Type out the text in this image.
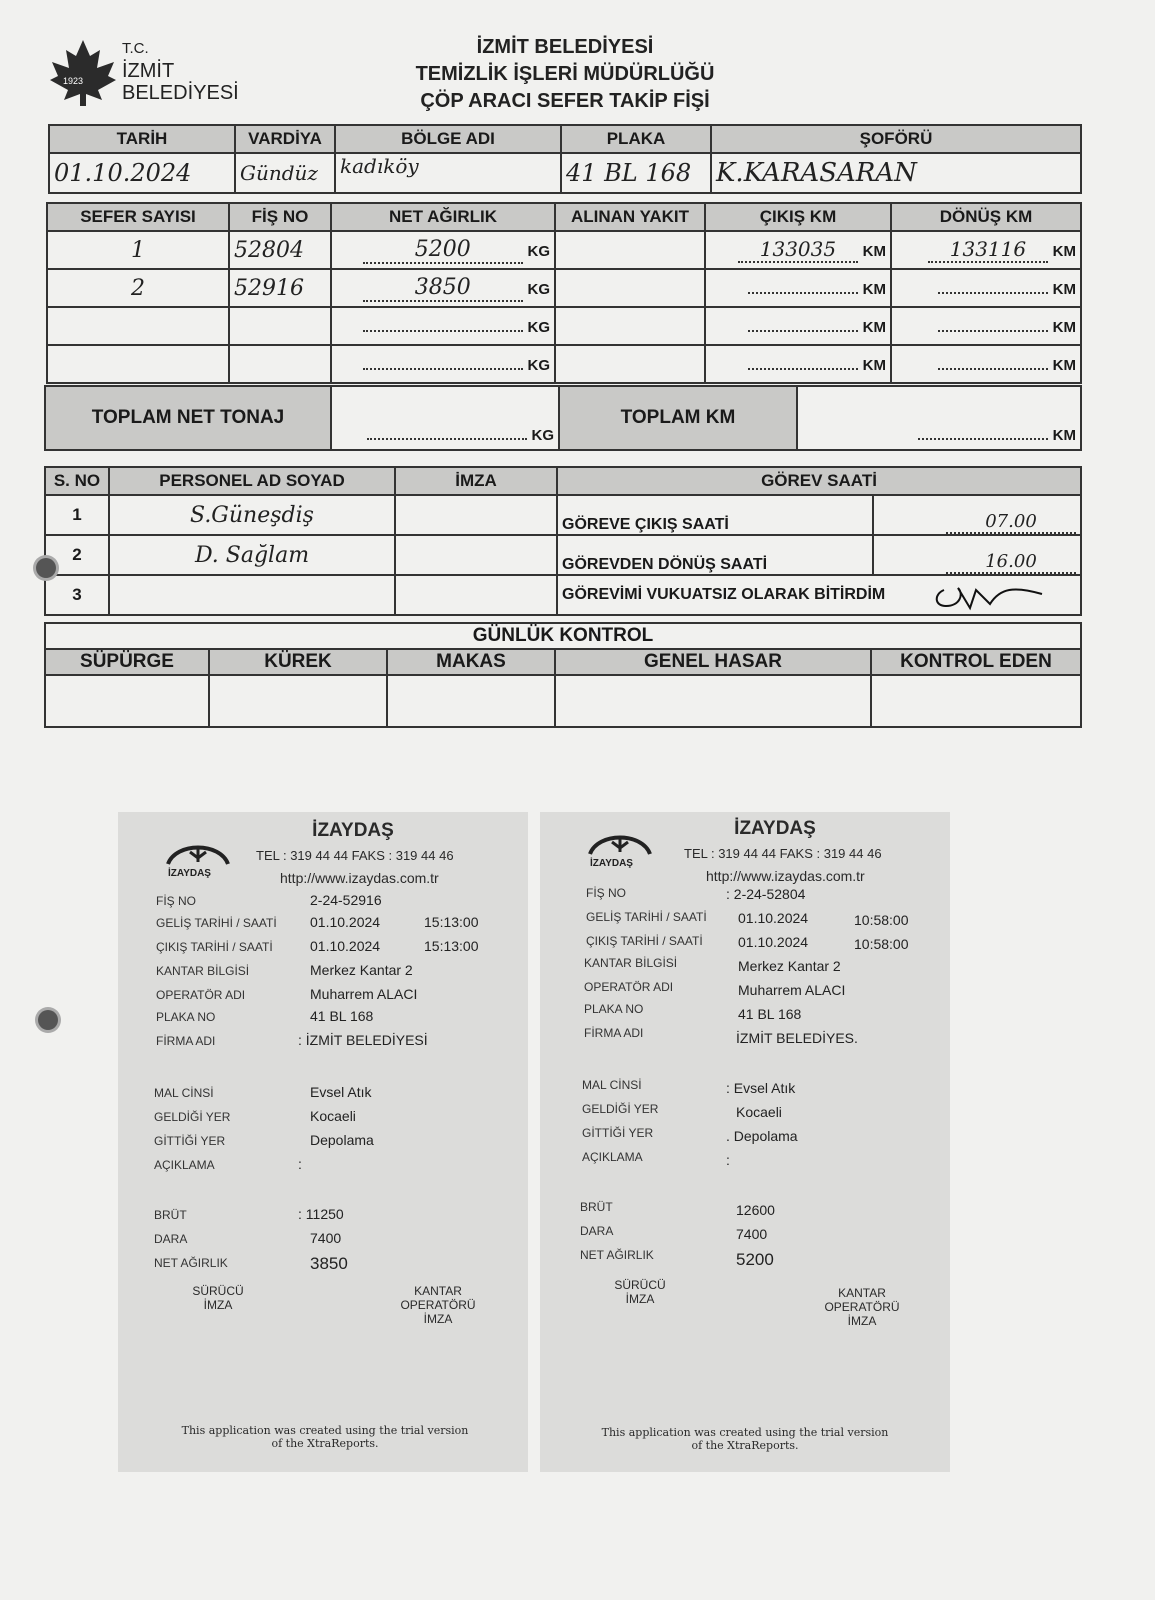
1923
T.C.
İZMİT
BELEDİYESİ
İZMİT BELEDİYESİ
TEMİZLİK İŞLERİ MÜDÜRLÜĞÜ
ÇÖP ARACI SEFER TAKİP FİŞİ
TARİH	VARDİYA	BÖLGE ADI	PLAKA	ŞOFÖRÜ
01.10.2024	Gündüz	kadıköy	41 BL 168	K.KARASARAN
SEFER SAYISI	FİŞ NO	NET AĞIRLIK	ALINAN YAKIT	ÇIKIŞ KM	DÖNÜŞ KM
1	52804	5200 KG		133035 KM	133116 KM
2	52916	3850 KG		KM	KM
		KG		KM	KM
		KG		KM	KM
TOPLAM NET TONAJ	KG	TOPLAM KM	KM
S. NO	PERSONEL AD SOYAD	İMZA	GÖREV SAATİ	
1	S.Güneşdiş		GÖREVE ÇIKIŞ SAATİ	07.00
2	D. Sağlam		GÖREVDEN DÖNÜŞ SAATİ	16.00
3			GÖREVİMİ VUKUATSIZ OLARAK BİTİRDİM	
GÜNLÜK KONTROL				
SÜPÜRGE	KÜREK	MAKAS	GENEL HASAR	KONTROL EDEN

İZAYDAŞ
İZAYDAŞ
TEL : 319 44 44 FAKS : 319 44 46
http://www.izaydas.com.tr
FİŞ NO	2-24-52916
GELİŞ TARİHİ / SAATİ 01.10.2024	15:13:00
ÇIKIŞ TARİHİ / SAATİ	01.10.2024	15:13:00
KANTAR BİLGİSİ	Merkez Kantar 2
OPERATÖR ADI	Muharrem ALACI
PLAKA NO	41 BL 168
FİRMA ADI	: İZMİT BELEDİYESİ
MAL CİNSİ	Evsel Atık
GELDİĞİ YER	Kocaeli
GİTTİĞİ YER	Depolama
AÇIKLAMA	:
BRÜT	: 11250
DARA	7400
NET AĞIRLIK	3850
SÜRÜCÜ
İMZA
KANTAR
OPERATÖRÜ
İMZA
This application was created using the trial version of the XtraReports.
İZAYDAŞ
İZAYDAŞ
TEL : 319 44 44 FAKS : 319 44 46
http://www.izaydas.com.tr
FİŞ NO	: 2-24-52804
GELİŞ TARİHİ / SAATİ 01.10.2024	10:58:00
ÇIKIŞ TARİHİ / SAATİ	01.10.2024	10:58:00
KANTAR BİLGİSİ	Merkez Kantar 2
OPERATÖR ADI	Muharrem ALACI
PLAKA NO	41 BL 168
FİRMA ADI	İZMİT BELEDİYES.
MAL CİNSİ	: Evsel Atık
GELDİĞİ YER	Kocaeli
GİTTİĞİ YER	. Depolama
AÇIKLAMA	:
BRÜT	12600
DARA	7400
NET AĞIRLIK	5200
SÜRÜCÜ
İMZA	KANTAR
OPERATÖRÜ
İMZA
This application was created using the trial version of the XtraReports.
